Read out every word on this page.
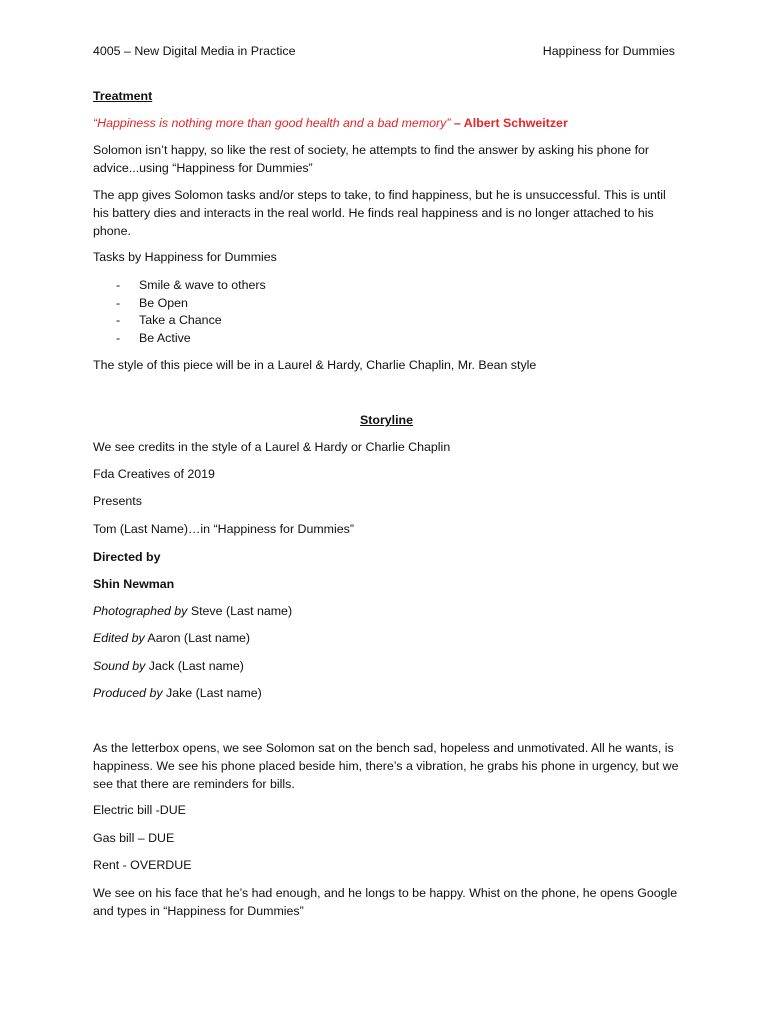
4005 – New Digital Media in Practice	Happiness for Dummies

Treatment

“Happiness is nothing more than good health and a bad memory” – Albert Schweitzer

Solomon isn’t happy, so like the rest of society, he attempts to find the answer by asking his phone for advice...using “Happiness for Dummies”

The app gives Solomon tasks and/or steps to take, to find happiness, but he is unsuccessful. This is until his battery dies and interacts in the real world. He finds real happiness and is no longer attached to his phone.

Tasks by Happiness for Dummies

- Smile & wave to others

- Be Open

- Take a Chance

- Be Active

The style of this piece will be in a Laurel & Hardy, Charlie Chaplin, Mr. Bean style

Storyline

We see credits in the style of a Laurel & Hardy or Charlie Chaplin

Fda Creatives of 2019

Presents

Tom (Last Name)…in “Happiness for Dummies”

Directed by

Shin Newman

Photographed by Steve (Last name)

Edited by Aaron (Last name)

Sound by Jack (Last name)

Produced by Jake (Last name)

As the letterbox opens, we see Solomon sat on the bench sad, hopeless and unmotivated. All he wants, is happiness. We see his phone placed beside him, there’s a vibration, he grabs his phone in urgency, but we see that there are reminders for bills.

Electric bill -DUE

Gas bill – DUE

Rent - OVERDUE

We see on his face that he’s had enough, and he longs to be happy. Whist on the phone, he opens Google and types in “Happiness for Dummies”
